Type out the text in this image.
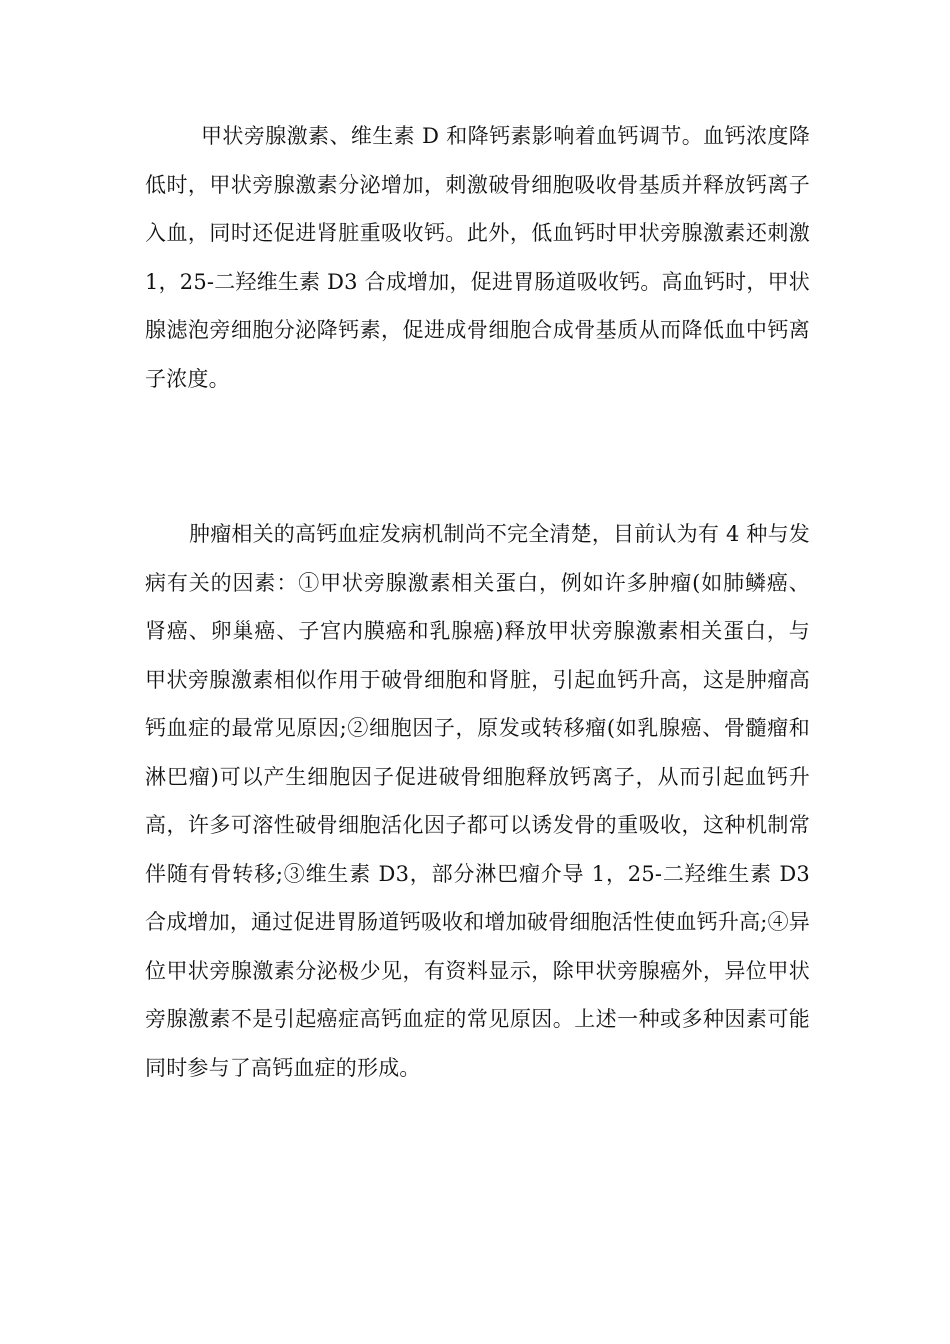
甲状旁腺激素、维生素 D 和降钙素影响着血钙调节。血钙浓度降低时，甲状旁腺激素分泌增加，刺激破骨细胞吸收骨基质并释放钙离子入血，同时还促进肾脏重吸收钙。此外，低血钙时甲状旁腺激素还刺激 1，25-二羟维生素 D3 合成增加，促进胃肠道吸收钙。高血钙时，甲状腺滤泡旁细胞分泌降钙素，促进成骨细胞合成骨基质从而降低血中钙离子浓度。

肿瘤相关的高钙血症发病机制尚不完全清楚，目前认为有 4 种与发病有关的因素：①甲状旁腺激素相关蛋白，例如许多肿瘤(如肺鳞癌、肾癌、卵巢癌、子宫内膜癌和乳腺癌)释放甲状旁腺激素相关蛋白，与甲状旁腺激素相似作用于破骨细胞和肾脏，引起血钙升高，这是肿瘤高钙血症的最常见原因;②细胞因子，原发或转移瘤(如乳腺癌、骨髓瘤和淋巴瘤)可以产生细胞因子促进破骨细胞释放钙离子，从而引起血钙升高，许多可溶性破骨细胞活化因子都可以诱发骨的重吸收，这种机制常伴随有骨转移;③维生素 D3，部分淋巴瘤介导 1，25-二羟维生素 D3 合成增加，通过促进胃肠道钙吸收和增加破骨细胞活性使血钙升高;④异位甲状旁腺激素分泌极少见，有资料显示，除甲状旁腺癌外，异位甲状旁腺激素不是引起癌症高钙血症的常见原因。上述一种或多种因素可能同时参与了高钙血症的形成。
